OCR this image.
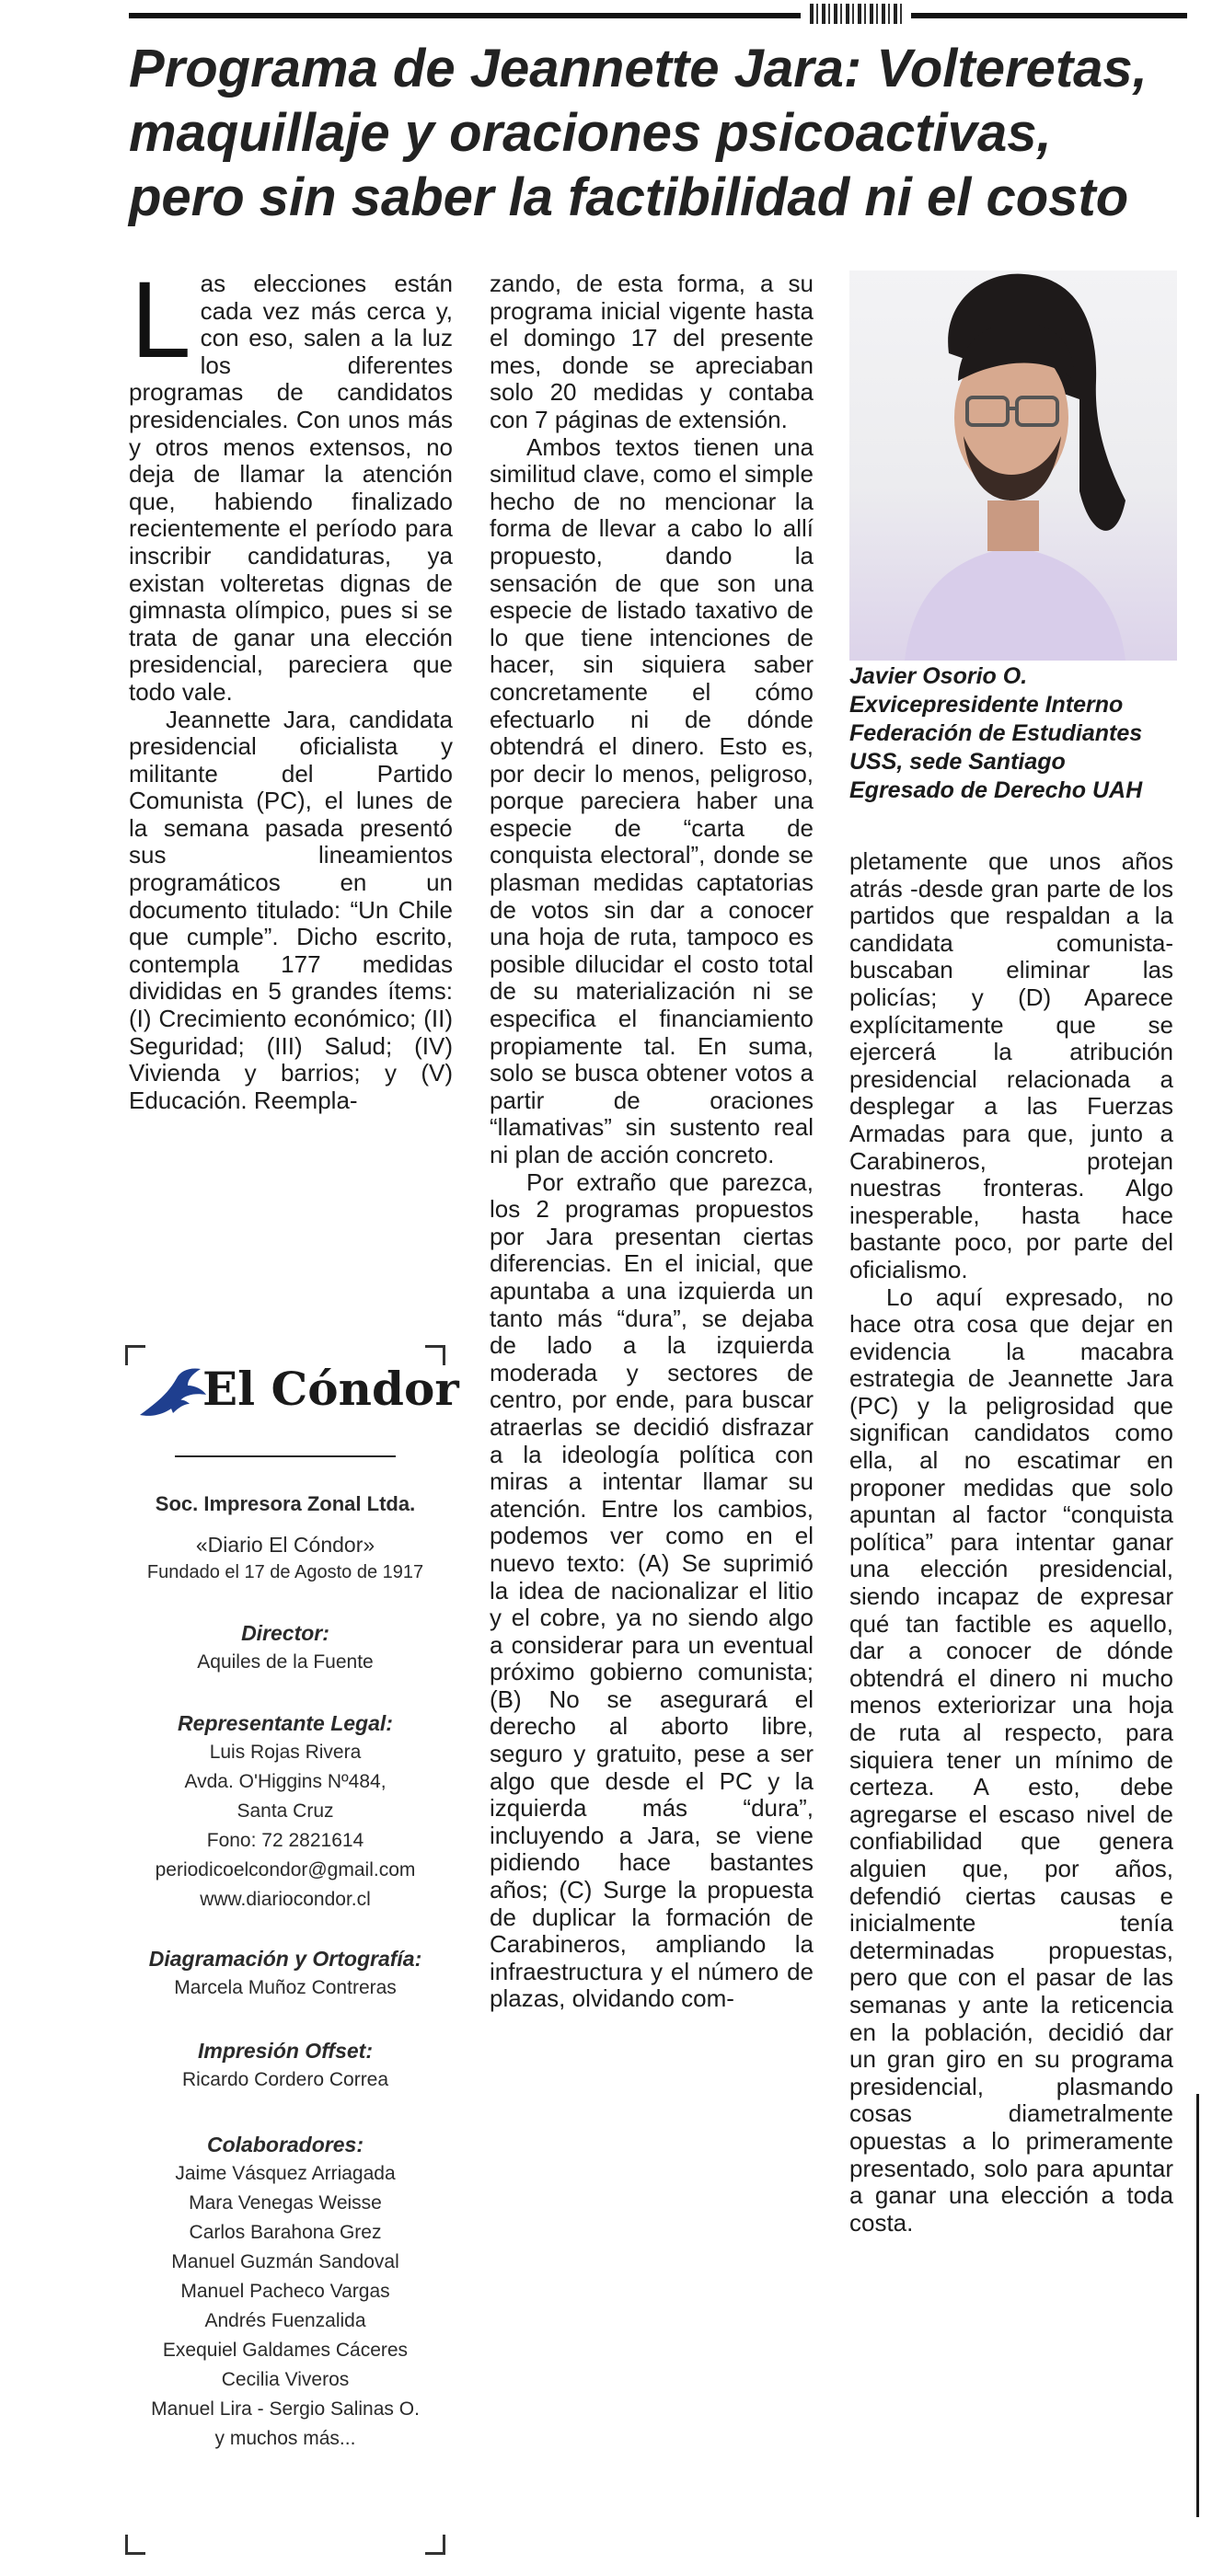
Programa de Jeannette Jara: Volteretas, maquillaje y oraciones psicoactivas, pero sin saber la factibilidad ni el costo

Las elecciones están cada vez más cerca y, con eso, salen a la luz los diferentes programas de candidatos presidenciales. Con unos más y otros menos extensos, no deja de llamar la atención que, habiendo finalizado recientemente el período para inscribir candidaturas, ya existan volteretas dignas de gimnasta olímpico, pues si se trata de ganar una elección presidencial, pareciera que todo vale.

Jeannette Jara, candidata presidencial oficialista y militante del Partido Comunista (PC), el lunes de la semana pasada presentó sus lineamientos programáticos en un documento titulado: “Un Chile que cumple”. Dicho escrito, contempla 177 medidas divididas en 5 grandes ítems: (I) Crecimiento económico; (II) Seguridad; (III) Salud; (IV) Vivienda y barrios; y (V) Educación. Reempla-

zando, de esta forma, a su programa inicial vigente hasta el domingo 17 del presente mes, donde se apreciaban solo 20 medidas y contaba con 7 páginas de extensión.

Ambos textos tienen una similitud clave, como el simple hecho de no mencionar la forma de llevar a cabo lo allí propuesto, dando la sensación de que son una especie de listado taxativo de lo que tiene intenciones de hacer, sin siquiera saber concretamente el cómo efectuarlo ni de dónde obtendrá el dinero. Esto es, por decir lo menos, peligroso, porque pareciera haber una especie de “carta de conquista electoral”, donde se plasman medidas captatorias de votos sin dar a conocer una hoja de ruta, tampoco es posible dilucidar el costo total de su materialización ni se especifica el financiamiento propiamente tal. En suma, solo se busca obtener votos a partir de oraciones “llamativas” sin sustento real ni plan de acción concreto.

Por extraño que parezca, los 2 programas propuestos por Jara presentan ciertas diferencias. En el inicial, que apuntaba a una izquierda un tanto más “dura”, se dejaba de lado a la izquierda moderada y sectores de centro, por ende, para buscar atraerlas se decidió disfrazar a la ideología política con miras a intentar llamar su atención. Entre los cambios, podemos ver como en el nuevo texto: (A) Se suprimió la idea de nacionalizar el litio y el cobre, ya no siendo algo a considerar para un eventual próximo gobierno comunista; (B) No se asegurará el derecho al aborto libre, seguro y gratuito, pese a ser algo que desde el PC y la izquierda más “dura”, incluyendo a Jara, se viene pidiendo hace bastantes años; (C) Surge la propuesta de duplicar la formación de Carabineros, ampliando la infraestructura y el número de plazas, olvidando com-

Javier Osorio O.
Exvicepresidente Interno
Federación de Estudiantes
USS, sede Santiago
Egresado de Derecho UAH

pletamente que unos años atrás -desde gran parte de los partidos que respaldan a la candidata comunista- buscaban eliminar las policías; y (D) Aparece explícitamente que se ejercerá la atribución presidencial relacionada a desplegar a las Fuerzas Armadas para que, junto a Carabineros, protejan nuestras fronteras. Algo inesperable, hasta hace bastante poco, por parte del oficialismo.

Lo aquí expresado, no hace otra cosa que dejar en evidencia la macabra estrategia de Jeannette Jara (PC) y la peligrosidad que significan candidatos como ella, al no escatimar en proponer medidas que solo apuntan al factor “conquista política” para intentar ganar una elección presidencial, siendo incapaz de expresar qué tan factible es aquello, dar a conocer de dónde obtendrá el dinero ni mucho menos exteriorizar una hoja de ruta al respecto, para siquiera tener un mínimo de certeza. A esto, debe agregarse el escaso nivel de confiabilidad que genera alguien que, por años, defendió ciertas causas e inicialmente tenía determinadas propuestas, pero que con el pasar de las semanas y ante la reticencia en la población, decidió dar un gran giro en su programa presidencial, plasmando cosas diametralmente opuestas a lo primeramente presentado, solo para apuntar a ganar una elección a toda costa.

El Cóndor
Soc. Impresora Zonal Ltda.
«Diario El Cóndor»
Fundado el 17 de Agosto de 1917
Director:
Aquiles de la Fuente
Representante Legal:
Luis Rojas Rivera
Avda. O'Higgins Nº484,
Santa Cruz
Fono: 72 2821614
periodicoelcondor@gmail.com
www.diariocondor.cl
Diagramación y Ortografía:
Marcela Muñoz Contreras
Impresión Offset:
Ricardo Cordero Correa
Colaboradores:
Jaime Vásquez Arriagada
Mara Venegas Weisse
Carlos Barahona Grez
Manuel Guzmán Sandoval
Manuel Pacheco Vargas
Andrés Fuenzalida
Exequiel Galdames Cáceres
Cecilia Viveros
Manuel Lira - Sergio Salinas O.
y muchos más...
